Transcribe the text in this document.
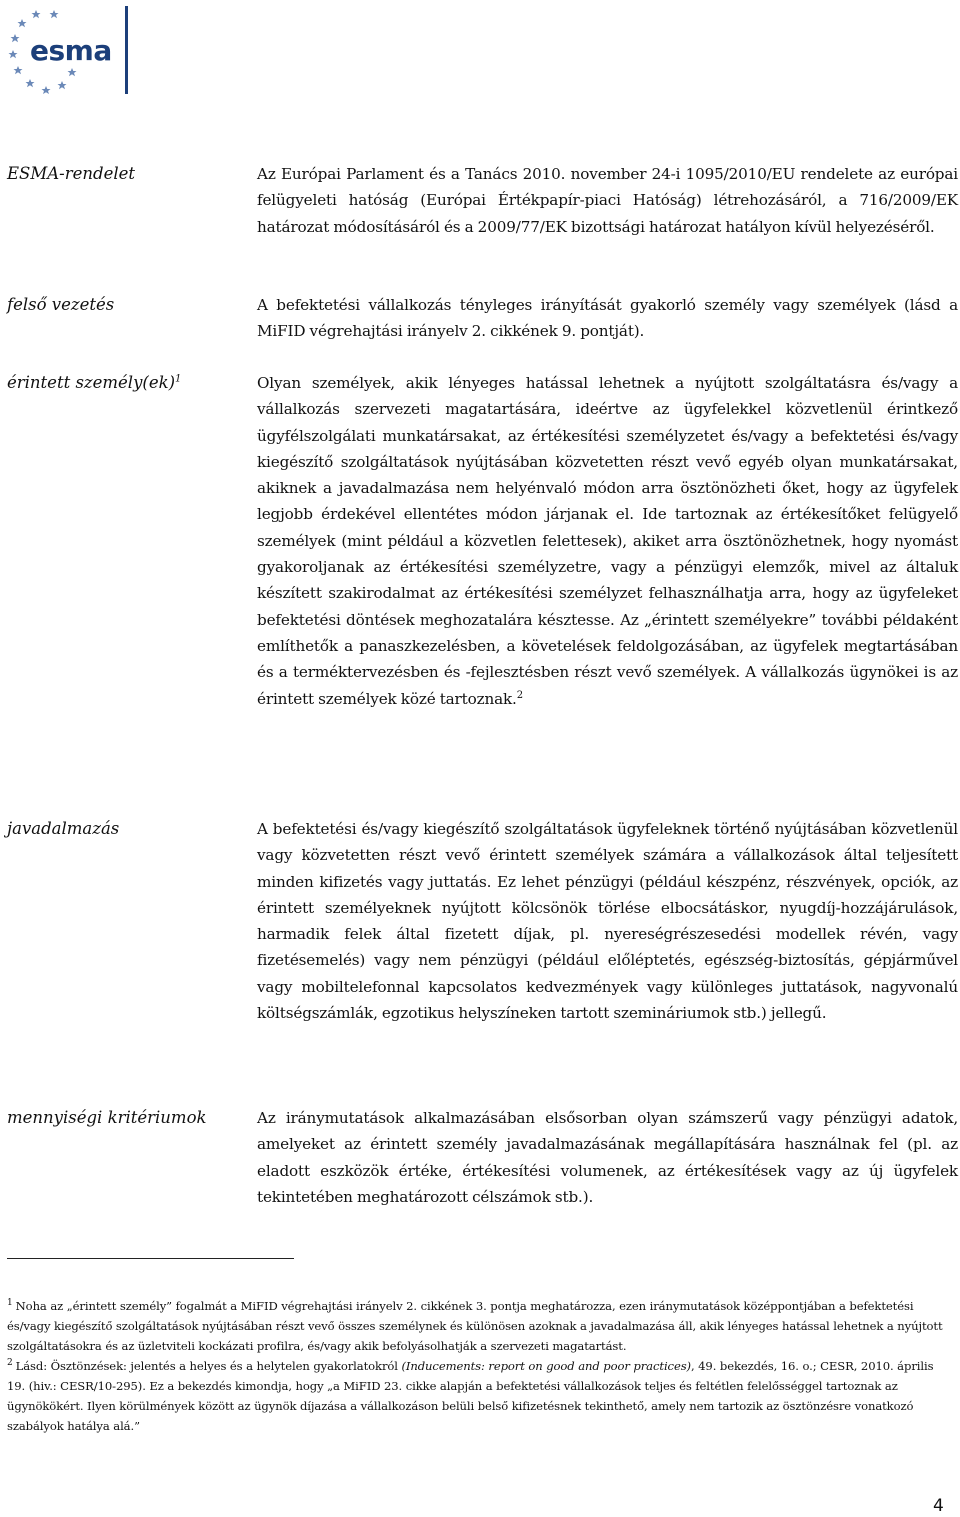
esma
ESMA-rendelet	Az Európai Parlament és a Tanács 2010. november 24-i 1095/2010/EU rendelete az európai felügyeleti hatóság (Európai Értékpapír-piaci Hatóság) létrehozásáról, a 716/2009/EK határozat módosításáról és a 2009/77/EK bizottsági határozat hatályon kívül helyezéséről.
felső vezetés	A befektetési vállalkozás tényleges irányítását gyakorló személy vagy személyek (lásd a MiFID végrehajtási irányelv 2. cikkének 9. pontját).
érintett személy(ek)$^1$	Olyan személyek, akik lényeges hatással lehetnek a nyújtott szolgáltatásra és/vagy a vállalkozás szervezeti magatartására, ideértve az ügyfelekkel közvetlenül érintkező ügyfélszolgálati munkatársakat, az értékesítési személyzetet és/vagy a befektetési és/vagy kiegészítő szolgáltatások nyújtásában közvetetten részt vevő egyéb olyan munkatársakat, akiknek a javadalmazása nem helyénvaló módon arra ösztönözheti őket, hogy az ügyfelek legjobb érdekével ellentétes módon járjanak el. Ide tartoznak az értékesítőket felügyelő személyek (mint például a közvetlen felettesek), akiket arra ösztönözhetnek, hogy nyomást gyakoroljanak az értékesítési személyzetre, vagy a pénzügyi elemzők, mivel az általuk készített szakirodalmat az értékesítési személyzet felhasználhatja arra, hogy az ügyfeleket befektetési döntések meghozatalára késztesse. Az „érintett személyekre” további példaként említhetők a panaszkezelésben, a követelések feldolgozásában, az ügyfelek megtartásában és a terméktervezésben és -fejlesztésben részt vevő személyek. A vállalkozás ügynökei is az érintett személyek közé tartoznak.$^2$
javadalmazás	A befektetési és/vagy kiegészítő szolgáltatások ügyfeleknek történő nyújtásában közvetlenül vagy közvetetten részt vevő érintett személyek számára a vállalkozások által teljesített minden kifizetés vagy juttatás. Ez lehet pénzügyi (például készpénz, részvények, opciók, az érintett személyeknek nyújtott kölcsönök törlése elbocsátáskor, nyugdíj-hozzájárulások, harmadik felek által fizetett díjak, pl. nyereségrészesedési modellek révén, vagy fizetésemelés) vagy nem pénzügyi (például előléptetés, egészség-biztosítás, gépjárművel vagy mobiltelefonnal kapcsolatos kedvezmények vagy különleges juttatások, nagyvonalú költségszámlák, egzotikus helyszíneken tartott szemináriumok stb.) jellegű.
mennyiségi kritériumok	Az iránymutatások alkalmazásában elsősorban olyan számszerű vagy pénzügyi adatok, amelyeket az érintett személy javadalmazásának megállapítására használnak fel (pl. az eladott eszközök értéke, értékesítési volumenek, az értékesítések vagy az új ügyfelek tekintetében meghatározott célszámok stb.).

$^1$ Noha az „érintett személy” fogalmát a MiFID végrehajtási irányelv 2. cikkének 3. pontja meghatározza, ezen iránymutatások középpontjában a befektetési és/vagy kiegészítő szolgáltatások nyújtásában részt vevő összes személynek és különösen azoknak a javadalmazása áll, akik lényeges hatással lehetnek a nyújtott szolgáltatásokra és az üzletviteli kockázati profilra, és/vagy akik befolyásolhatják a szervezeti magatartást.

$^2$ Lásd: Ösztönzések: jelentés a helyes és a helytelen gyakorlatokról (Inducements: report on good and poor practices), 49. bekezdés, 16. o.; CESR, 2010. április 19. (hiv.: CESR/10-295). Ez a bekezdés kimondja, hogy „a MiFID 23. cikke alapján a befektetési vállalkozások teljes és feltétlen felelősséggel tartoznak az ügynökökért. Ilyen körülmények között az ügynök díjazása a vállalkozáson belüli belső kifizetésnek tekinthető, amely nem tartozik az ösztönzésre vonatkozó szabályok hatálya alá.”

4
